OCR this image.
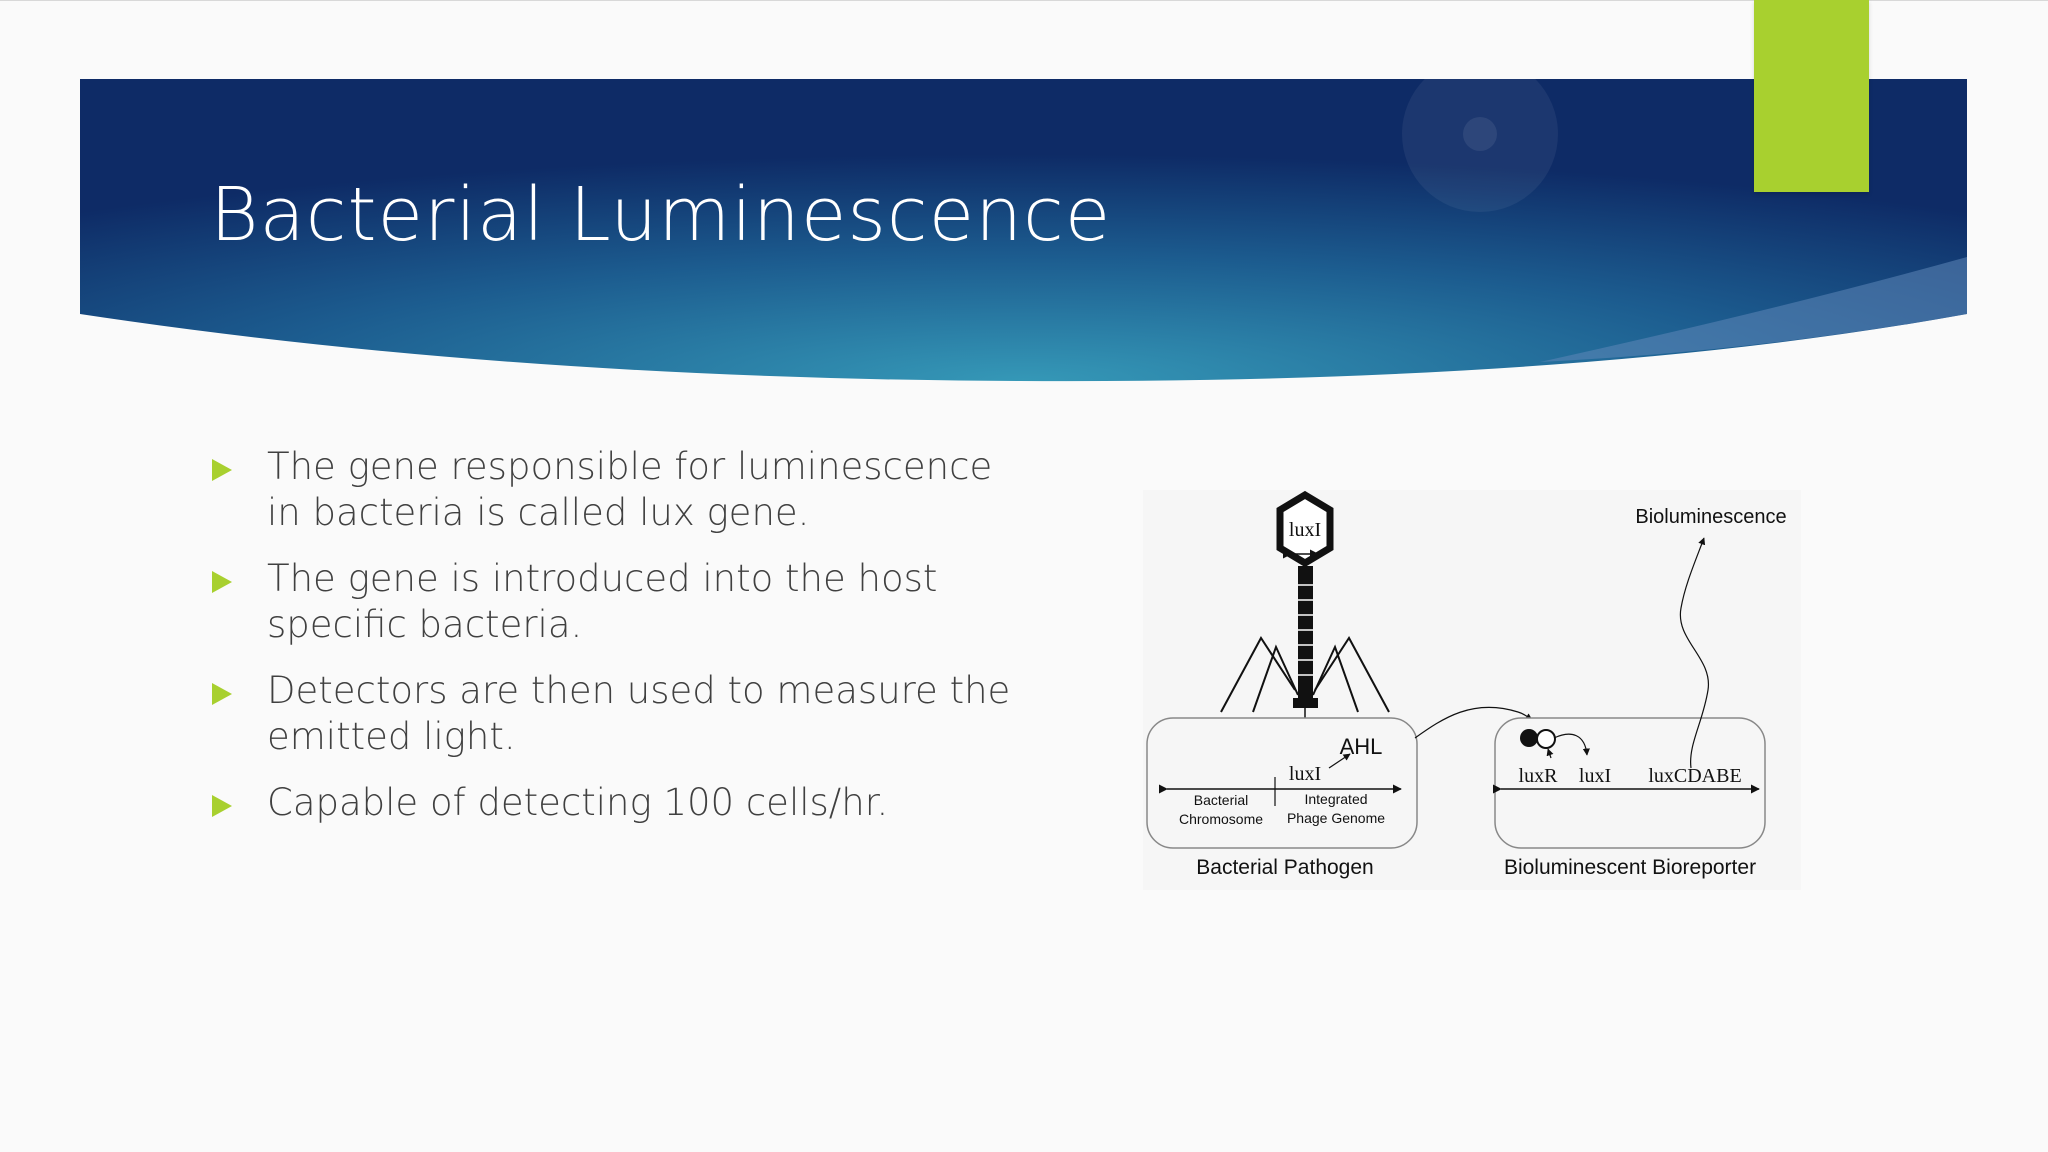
Bacterial Luminescence
The gene responsible for luminescence in bacteria is called lux gene.
The gene is introduced into the host specific bacteria.
Detectors are then used to measure the emitted light.
Capable of detecting 100 cells/hr.
luxI
AHL
luxI
Bacterial
Chromosome
Integrated
Phage Genome
Bacterial Pathogen
luxR luxI luxCDABE
Bioluminescent Bioreporter
Bioluminescence
